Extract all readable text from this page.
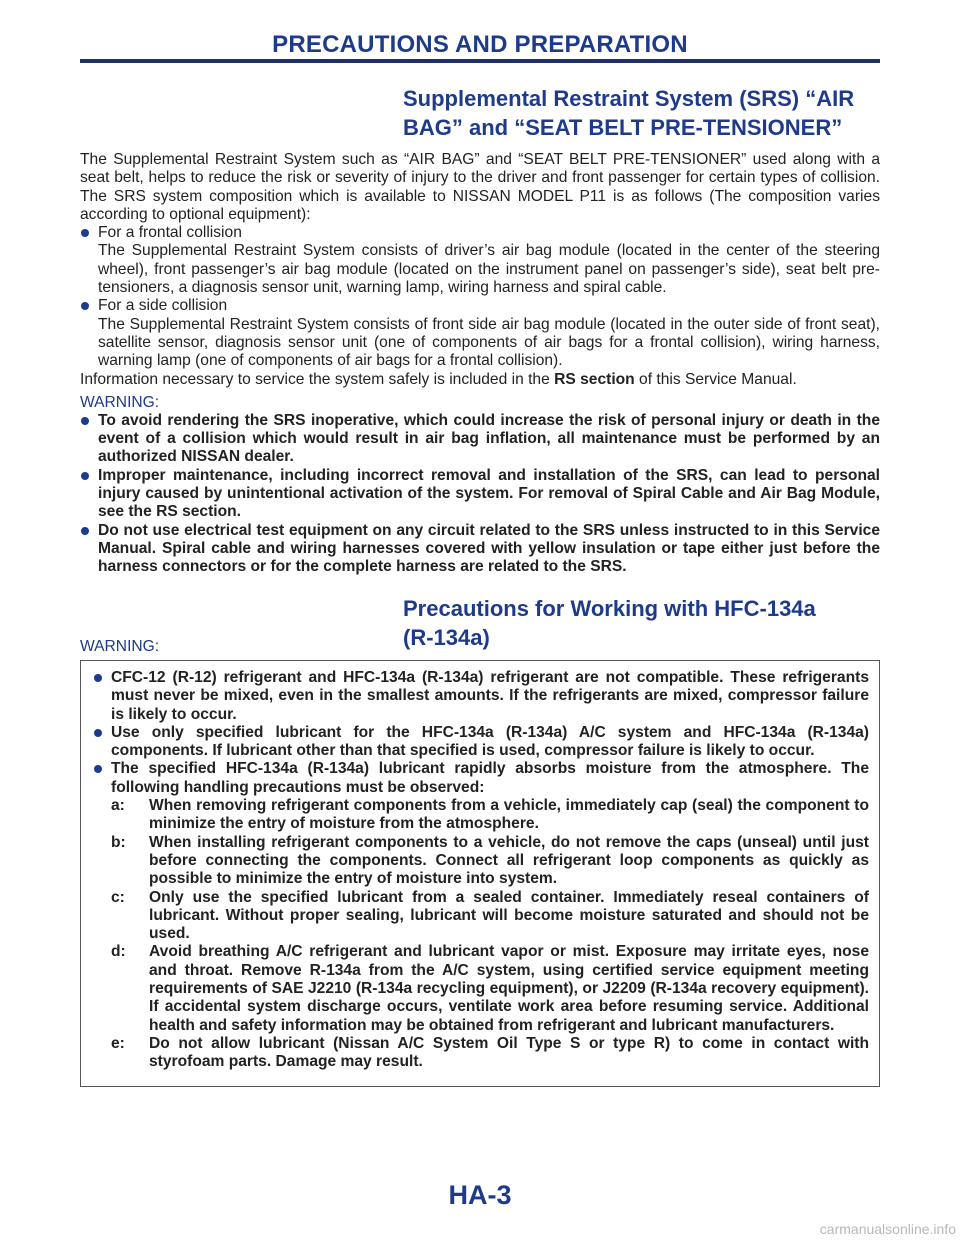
PRECAUTIONS AND PREPARATION
Supplemental Restraint System (SRS) “AIR
BAG” and “SEAT BELT PRE-TENSIONER”

The Supplemental Restraint System such as “AIR BAG” and “SEAT BELT PRE-TENSIONER” used along with a seat belt, helps to reduce the risk or severity of injury to the driver and front passenger for certain types of collision. The SRS system composition which is available to NISSAN MODEL P11 is as follows (The composition varies according to optional equipment):

For a frontal collision

The Supplemental Restraint System consists of driver’s air bag module (located in the center of the steering wheel), front passenger’s air bag module (located on the instrument panel on passenger’s side), seat belt pre-tensioners, a diagnosis sensor unit, warning lamp, wiring harness and spiral cable.

For a side collision

The Supplemental Restraint System consists of front side air bag module (located in the outer side of front seat), satellite sensor, diagnosis sensor unit (one of components of air bags for a frontal collision), wiring harness, warning lamp (one of components of air bags for a frontal collision).

Information necessary to service the system safely is included in the RS section of this Service Manual.

WARNING:

To avoid rendering the SRS inoperative, which could increase the risk of personal injury or death in the event of a collision which would result in air bag inflation, all maintenance must be performed by an authorized NISSAN dealer.

Improper maintenance, including incorrect removal and installation of the SRS, can lead to personal injury caused by unintentional activation of the system. For removal of Spiral Cable and Air Bag Module, see the RS section.

Do not use electrical test equipment on any circuit related to the SRS unless instructed to in this Service Manual. Spiral cable and wiring harnesses covered with yellow insulation or tape either just before the harness connectors or for the complete harness are related to the SRS.

Precautions for Working with HFC-134a
(R-134a)
WARNING:

CFC-12 (R-12) refrigerant and HFC-134a (R-134a) refrigerant are not compatible. These refrigerants must never be mixed, even in the smallest amounts. If the refrigerants are mixed, compressor failure is likely to occur.

Use only specified lubricant for the HFC-134a (R-134a) A/C system and HFC-134a (R-134a) components. If lubricant other than that specified is used, compressor failure is likely to occur.

The specified HFC-134a (R-134a) lubricant rapidly absorbs moisture from the atmosphere. The following handling precautions must be observed:

a: When removing refrigerant components from a vehicle, immediately cap (seal) the component to minimize the entry of moisture from the atmosphere.

b: When installing refrigerant components to a vehicle, do not remove the caps (unseal) until just before connecting the components. Connect all refrigerant loop components as quickly as possible to minimize the entry of moisture into system.

c: Only use the specified lubricant from a sealed container. Immediately reseal containers of lubricant. Without proper sealing, lubricant will become moisture saturated and should not be used.

d: Avoid breathing A/C refrigerant and lubricant vapor or mist. Exposure may irritate eyes, nose and throat. Remove R-134a from the A/C system, using certified service equipment meeting requirements of SAE J2210 (R-134a recycling equipment), or J2209 (R-134a recovery equipment). If accidental system discharge occurs, ventilate work area before resuming service. Additional health and safety information may be obtained from refrigerant and lubricant manufacturers.

e: Do not allow lubricant (Nissan A/C System Oil Type S or type R) to come in contact with styrofoam parts. Damage may result.

HA-3
carmanualsonline.info
